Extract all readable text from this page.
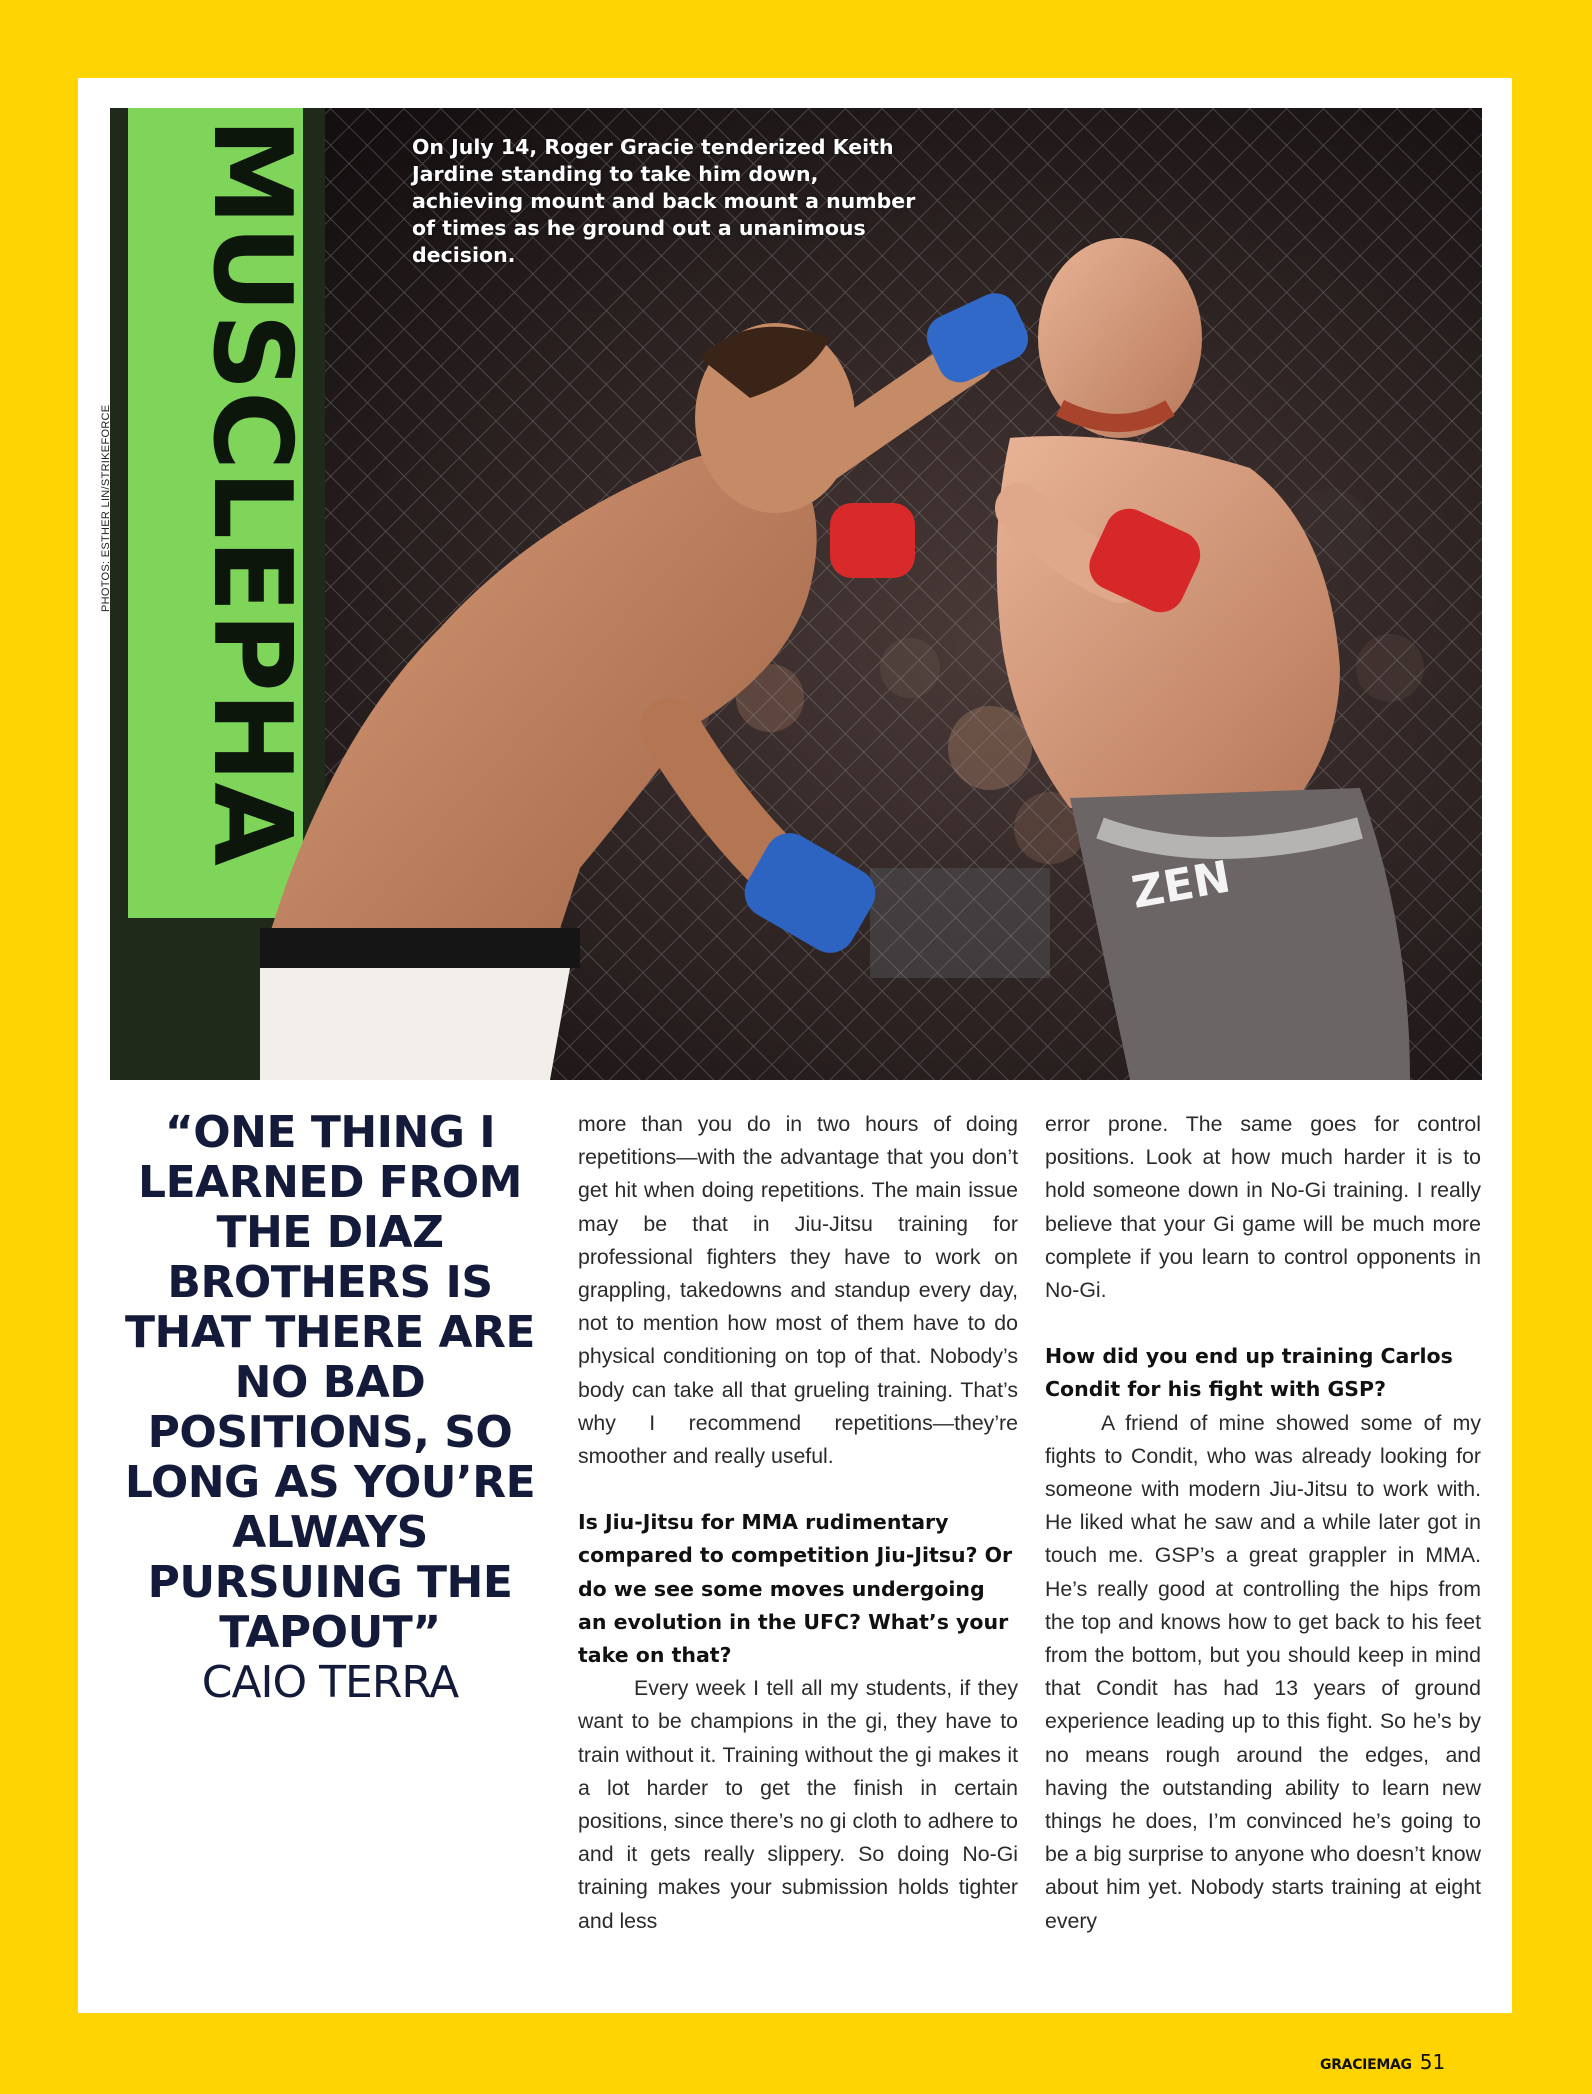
MUSCLEPHA
ZEN
On July 14, Roger Gracie tenderized Keith Jardine standing to take him down, achieving mount and back mount a number of times as he ground out a unanimous decision.
PHOTOS: ESTHER LIN/STRIKEFORCE
“ONE THING I LEARNED FROM THE DIAZ BROTHERS IS THAT THERE ARE NO BAD POSITIONS, SO LONG AS YOU’RE ALWAYS PURSUING THE TAPOUT”
CAIO TERRA

more than you do in two hours of doing repetitions—with the advantage that you don’t get hit when doing repetitions. The main issue may be that in Jiu-Jitsu training for professional fighters they have to work on grappling, takedowns and standup every day, not to mention how most of them have to do physical conditioning on top of that. Nobody’s body can take all that grueling training. That’s why I recommend repetitions—they’re smoother and really useful.

Is Jiu-Jitsu for MMA rudimentary compared to competition Jiu-Jitsu? Or do we see some moves undergoing an evolution in the UFC? What’s your take on that?

Every week I tell all my students, if they want to be champions in the gi, they have to train without it. Training without the gi makes it a lot harder to get the finish in certain positions, since there’s no gi cloth to adhere to and it gets really slippery. So doing No-Gi training makes your submission holds tighter and less

error prone. The same goes for control positions. Look at how much harder it is to hold someone down in No-Gi training. I really believe that your Gi game will be much more complete if you learn to control opponents in No-Gi.

How did you end up training Carlos Condit for his fight with GSP?

A friend of mine showed some of my fights to Condit, who was already looking for someone with modern Jiu-Jitsu to work with. He liked what he saw and a while later got in touch me. GSP’s a great grappler in MMA. He’s really good at controlling the hips from the top and knows how to get back to his feet from the bottom, but you should keep in mind that Condit has had 13 years of ground experience leading up to this fight. So he’s by no means rough around the edges, and having the outstanding ability to learn new things he does, I’m convinced he’s going to be a big surprise to anyone who doesn’t know about him yet. Nobody starts training at eight every

GRACIEMAG 51
